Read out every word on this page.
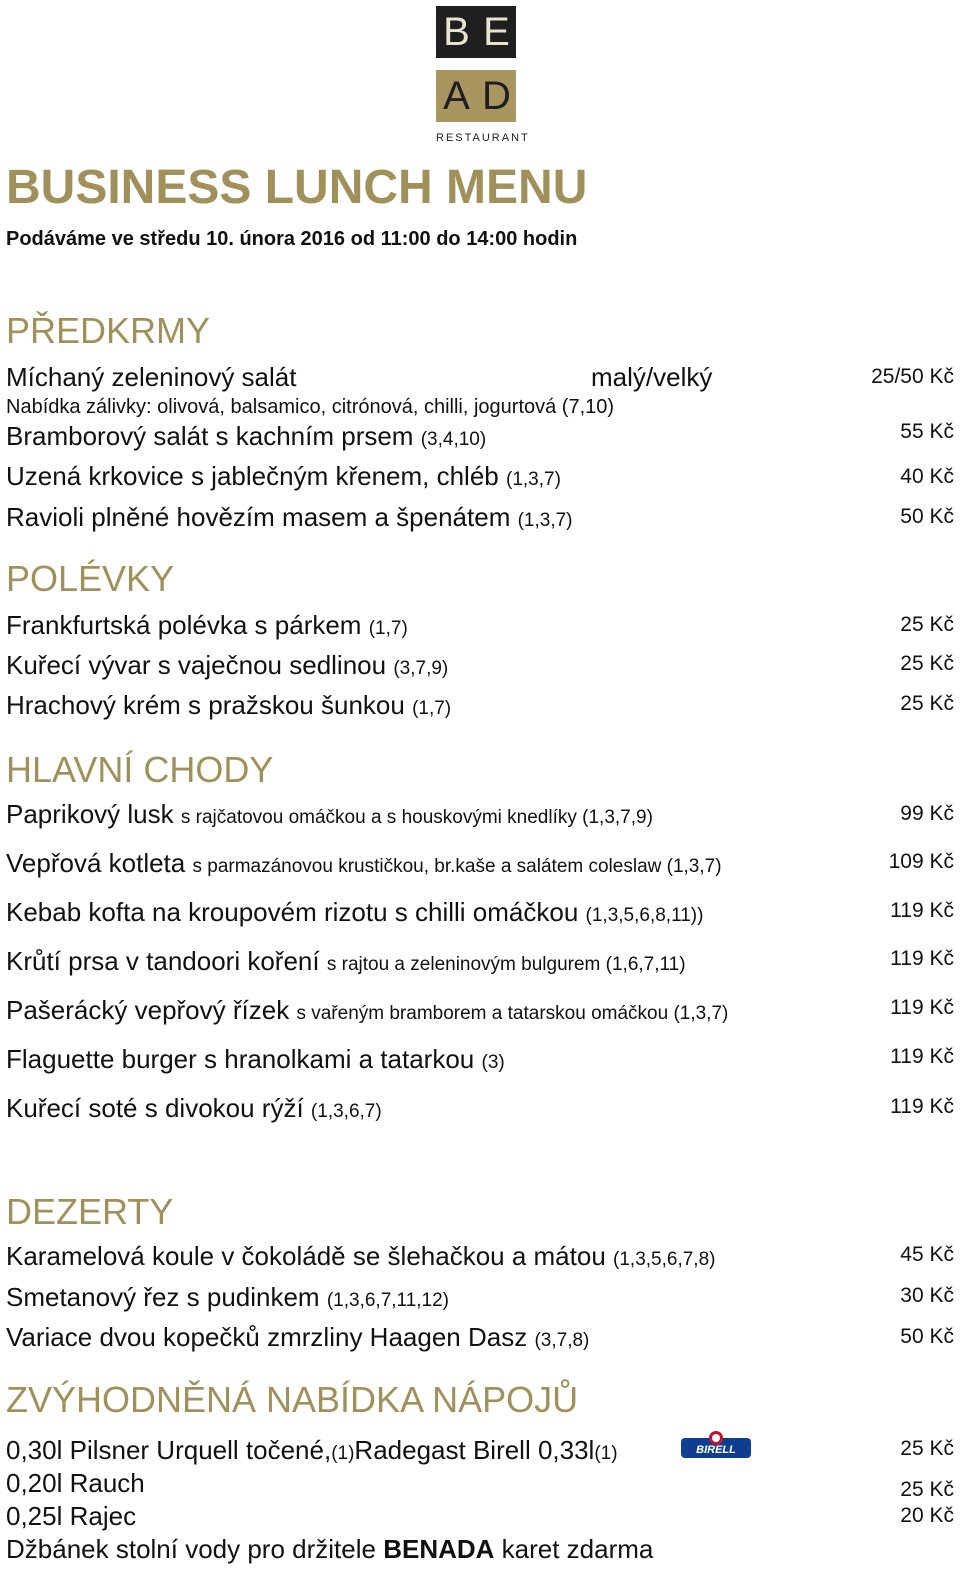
B E
A D
RESTAURANT
BUSINESS LUNCH MENU
Podáváme ve středu 10. února 2016 od 11:00 do 14:00 hodin
PŘEDKRMY
Míchaný zeleninový salát	malý/velký	25/50 Kč
Nabídka zálivky: olivová, balsamico, citrónová, chilli, jogurtová (7,10)
Bramborový salát s kachním prsem (3,4,10)	55 Kč
Uzená krkovice s jablečným křenem, chléb (1,3,7)	40 Kč
Ravioli plněné hovězím masem a špenátem (1,3,7)	50 Kč
POLÉVKY
Frankfurtská polévka s párkem (1,7)	25 Kč
Kuřecí vývar s vaječnou sedlinou (3,7,9)	25 Kč
Hrachový krém s pražskou šunkou (1,7)	25 Kč
HLAVNÍ CHODY
Paprikový lusk s rajčatovou omáčkou a s houskovými knedlíky (1,3,7,9)	99 Kč
Vepřová kotleta s parmazánovou krustičkou, br.kaše a salátem coleslaw (1,3,7)	109 Kč
Kebab kofta na kroupovém rizotu s chilli omáčkou (1,3,5,6,8,11))	119 Kč
Krůtí prsa v tandoori koření s rajtou a zeleninovým bulgurem (1,6,7,11)	119 Kč
Pašerácký vepřový řízek s vařeným bramborem a tatarskou omáčkou (1,3,7)	119 Kč
Flaguette burger s hranolkami a tatarkou (3)	119 Kč
Kuřecí soté s divokou rýží (1,3,6,7)	119 Kč
DEZERTY
Karamelová koule v čokoládě se šlehačkou a mátou (1,3,5,6,7,8)	45 Kč
Smetanový řez s pudinkem (1,3,6,7,11,12)	30 Kč
Variace dvou kopečků zmrzliny Haagen Dasz (3,7,8)	50 Kč
ZVÝHODNĚNÁ NABÍDKA NÁPOJŮ
0,30l Pilsner Urquell točené,(1)Radegast Birell 0,33l(1)	BIRELL	25 Kč
0,20l Rauch	25 Kč
0,25l Rajec	20 Kč
Džbánek stolní vody pro držitele BENADA karet zdarma
